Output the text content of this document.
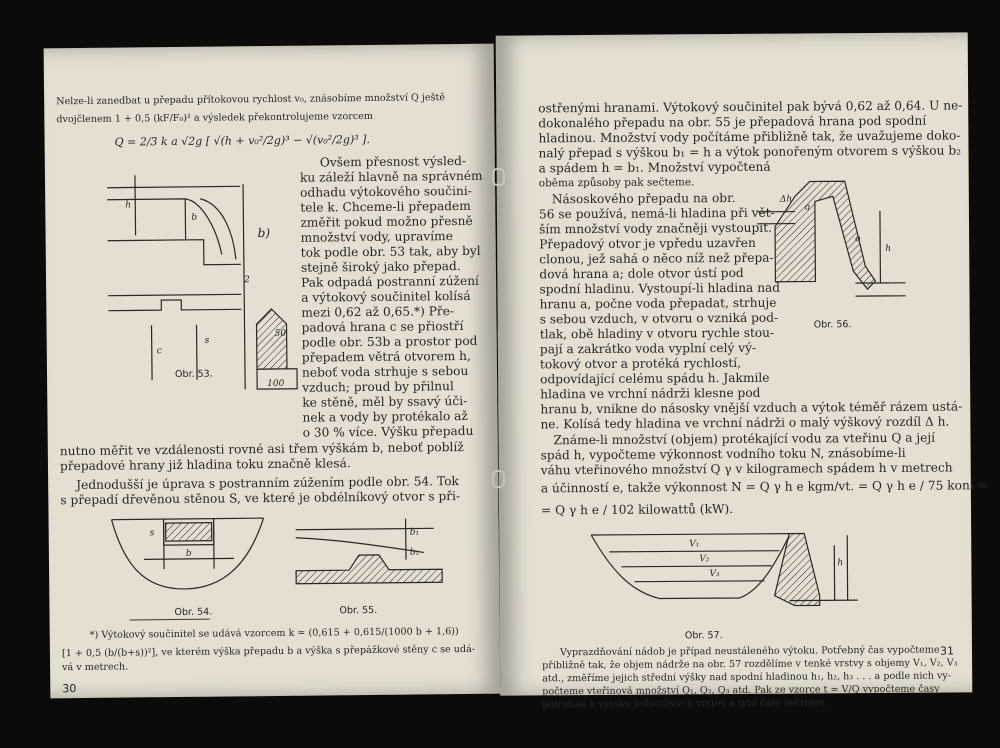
Nelze-li zanedbat u přepadu přítokovou rychlost v₀, znásobíme množství Q ještě
dvojčlenem 1 + 0,5 (kF/F₀)² a výsledek překontrolujeme vzorcem
Q = 2/3 k a √2g [ √(h + v₀²/2g)³ − √(v₀²/2g)³ ].
h
b
c
s
50
100
2
b)
Obr. 53.
Ovšem přesnost výsled-
ku záleží hlavně na správném
odhadu výtokového součini-
tele k. Chceme-li přepadem
změřit pokud možno přesně
množství vody, upravíme
tok podle obr. 53 tak, aby byl
stejně široký jako přepad.
Pak odpadá postranní zúžení
a výtokový součinitel kolísá
mezi 0,62 až 0,65.*) Pře-
padová hrana c se přiostří
podle obr. 53b a prostor pod
přepadem větrá otvorem h,
neboť voda strhuje s sebou
vzduch; proud by přilnul
ke stěně, měl by ssavý úči-
nek a vody by protékalo až
o 30 % více. Výšku přepadu
nutno měřit ve vzdálenosti rovné asi třem výškám b, neboť poblíž
přepadové hrany již hladina toku značně klesá.
Jednodušší je úprava s postranním zúžením podle obr. 54. Tok
s přepadí dřevěnou stěnou S, ve které je obdélníkový otvor s při-
s
b
Obr. 54.
b₁
b₂
Obr. 55.
*) Výtokový součinitel se udává vzorcem k = (0,615 + 0,615/(1000 b + 1,6))
[1 + 0,5 (b/(b+s))²], ve kterém výška přepadu b a výška s přepážkové stěny c se udá-
vá v metrech.
30
ostřenými hranami. Výtokový součinitel pak bývá 0,62 až 0,64. U ne-
dokonalého přepadu na obr. 55 je přepadová hrana pod spodní
hladinou. Množství vody počítáme přibližně tak, že uvažujeme doko-
nalý přepad s výškou b₁ = h a výtok ponořeným otvorem s výškou b₂
a spádem h = b₁. Množství vypočtená
oběma způsoby pak sečteme.
Násoskového přepadu na obr.
56 se používá, nemá-li hladina při vět-
ším množství vody značněji vystoupit.
Přepadový otvor je vpředu uzavřen
clonou, jež sahá o něco níž než přepa-
dová hrana a; dole otvor ústí pod
spodní hladinu. Vystoupí-li hladina nad
hranu a, počne voda přepadat, strhuje
s sebou vzduch, v otvoru o vzniká pod-
tlak, obě hladiny v otvoru rychle stou-
pají a zakrátko voda vyplní celý vý-
tokový otvor a protéká rychlostí,
odpovídající celému spádu h. Jakmile
hladina ve vrchní nádrži klesne pod
h
Δh
a
o
Obr. 56.
hranu b, vnikne do násosky vnější vzduch a výtok téměř rázem ustá-
ne. Kolísá tedy hladina ve vrchní nádrži o malý výškový rozdíl Δ h.
Známe-li množství (objem) protékající vodu za vteřinu Q a její
spád h, vypočteme výkonnost vodního toku N, znásobíme-li
váhu vteřinového množství Q γ v kilogramech spádem h v metrech
a účinností e, takže výkonnost N = Q γ h e kgm/vt. = Q γ h e / 75 koní =
= Q γ h e / 102 kilowattů (kW).
V₁
V₂
V₃
h
Obr. 57.
Vyprazdňování nádob je případ neustáleného výtoku. Potřebný čas vypočteme
přibližně tak, že objem nádrže na obr. 57 rozdělíme v tenké vrstvy s objemy V₁, V₂, V₃
atd., změříme jejich střední výšky nad spodní hladinou h₁, h₂, h₃ . . . a podle nich vy-
počteme vteřinová množství Q₁, Q₂, Q₃ atd. Pak ze vzorce t = V/Q vypočteme časy
potřebné k výtoku jednotlivých vrstev a tyto časy sečteme.
31
